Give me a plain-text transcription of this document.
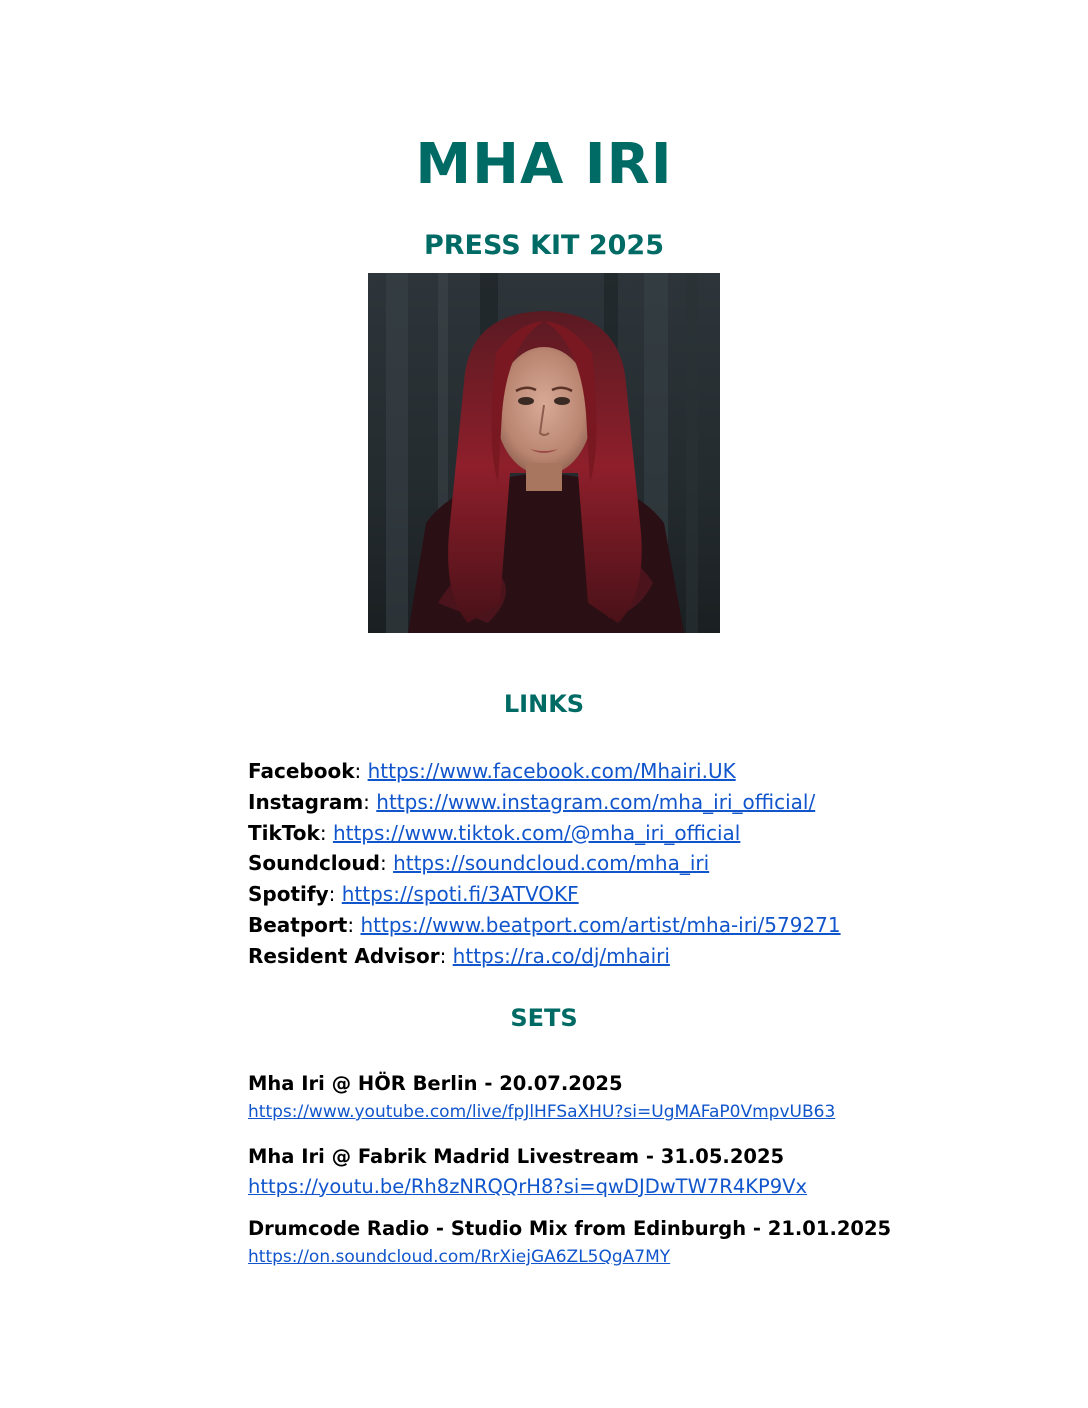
MHA IRI
PRESS KIT 2025
LINKS
Facebook: https://www.facebook.com/Mhairi.UK
Instagram: https://www.instagram.com/mha_iri_official/
TikTok: https://www.tiktok.com/@mha_iri_official
Soundcloud: https://soundcloud.com/mha_iri
Spotify: https://spoti.fi/3ATVOKF
Beatport: https://www.beatport.com/artist/mha-iri/579271
Resident Advisor: https://ra.co/dj/mhairi
SETS
Mha Iri @ HÖR Berlin - 20.07.2025
https://www.youtube.com/live/fpJlHFSaXHU?si=UgMAFaP0VmpvUB63
Mha Iri @ Fabrik Madrid Livestream - 31.05.2025
https://youtu.be/Rh8zNRQQrH8?si=qwDJDwTW7R4KP9Vx
Drumcode Radio - Studio Mix from Edinburgh - 21.01.2025
https://on.soundcloud.com/RrXiejGA6ZL5QgA7MY
